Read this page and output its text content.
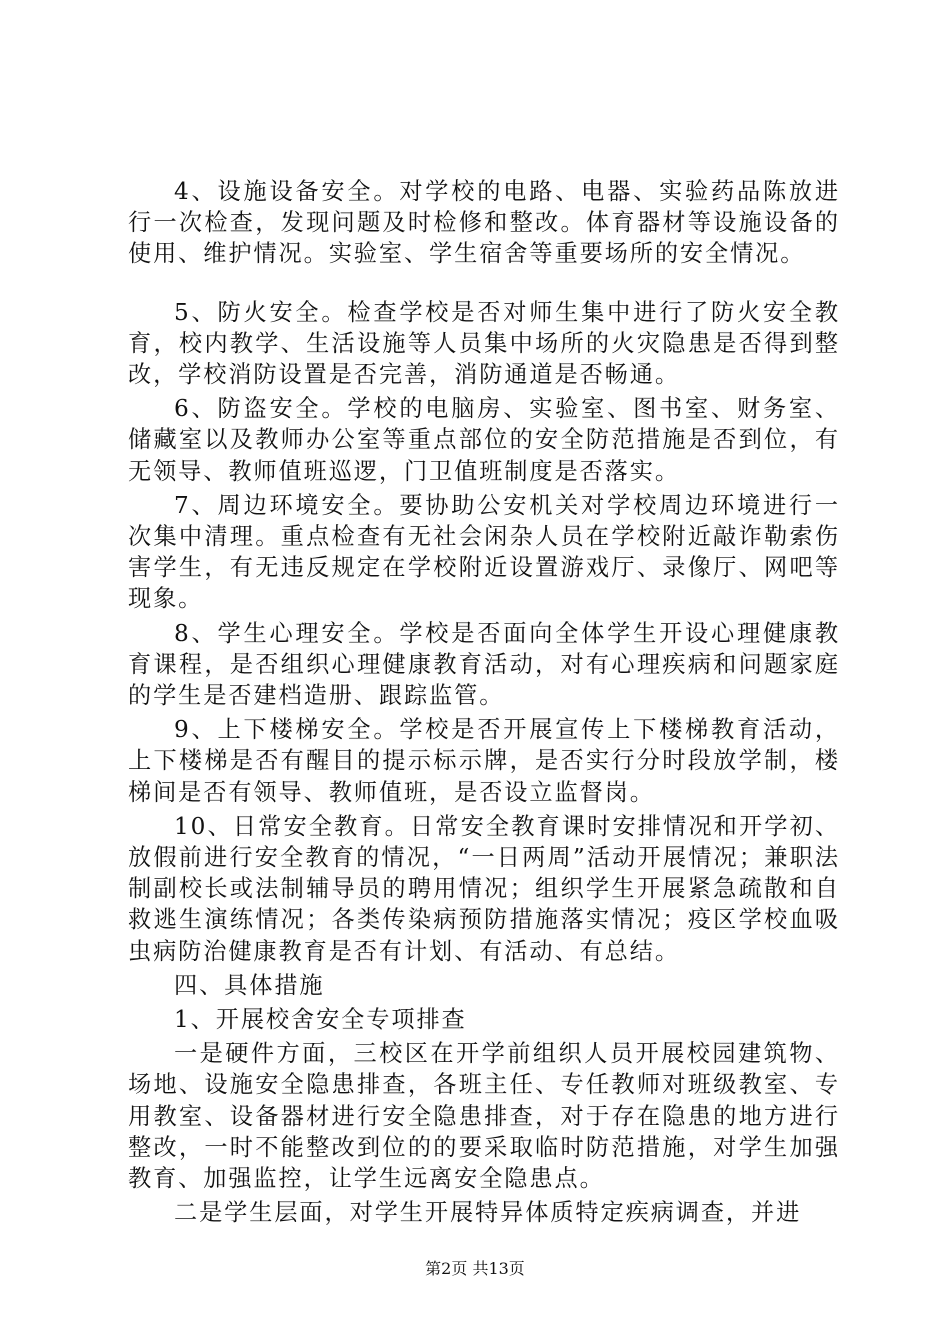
4、设施设备安全。对学校的电路、电器、实验药品陈放进行一次检查，发现问题及时检修和整改。体育器材等设施设备的使用、维护情况。实验室、学生宿舍等重要场所的安全情况。

5、防火安全。检查学校是否对师生集中进行了防火安全教育，校内教学、生活设施等人员集中场所的火灾隐患是否得到整改，学校消防设置是否完善，消防通道是否畅通。

6、防盗安全。学校的电脑房、实验室、图书室、财务室、储藏室以及教师办公室等重点部位的安全防范措施是否到位，有无领导、教师值班巡逻，门卫值班制度是否落实。

7、周边环境安全。要协助公安机关对学校周边环境进行一次集中清理。重点检查有无社会闲杂人员在学校附近敲诈勒索伤害学生，有无违反规定在学校附近设置游戏厅、录像厅、网吧等现象。

8、学生心理安全。学校是否面向全体学生开设心理健康教育课程，是否组织心理健康教育活动，对有心理疾病和问题家庭的学生是否建档造册、跟踪监管。

9、上下楼梯安全。学校是否开展宣传上下楼梯教育活动，上下楼梯是否有醒目的提示标示牌，是否实行分时段放学制，楼梯间是否有领导、教师值班，是否设立监督岗。

10、日常安全教育。日常安全教育课时安排情况和开学初、放假前进行安全教育的情况，“一日两周”活动开展情况；兼职法制副校长或法制辅导员的聘用情况；组织学生开展紧急疏散和自救逃生演练情况；各类传染病预防措施落实情况；疫区学校血吸虫病防治健康教育是否有计划、有活动、有总结。

四、具体措施

1、开展校舍安全专项排查

一是硬件方面，三校区在开学前组织人员开展校园建筑物、场地、设施安全隐患排查，各班主任、专任教师对班级教室、专用教室、设备器材进行安全隐患排查，对于存在隐患的地方进行整改，一时不能整改到位的的要采取临时防范措施，对学生加强教育、加强监控，让学生远离安全隐患点。

二是学生层面，对学生开展特异体质特定疾病调查，并进

第2页 共13页
